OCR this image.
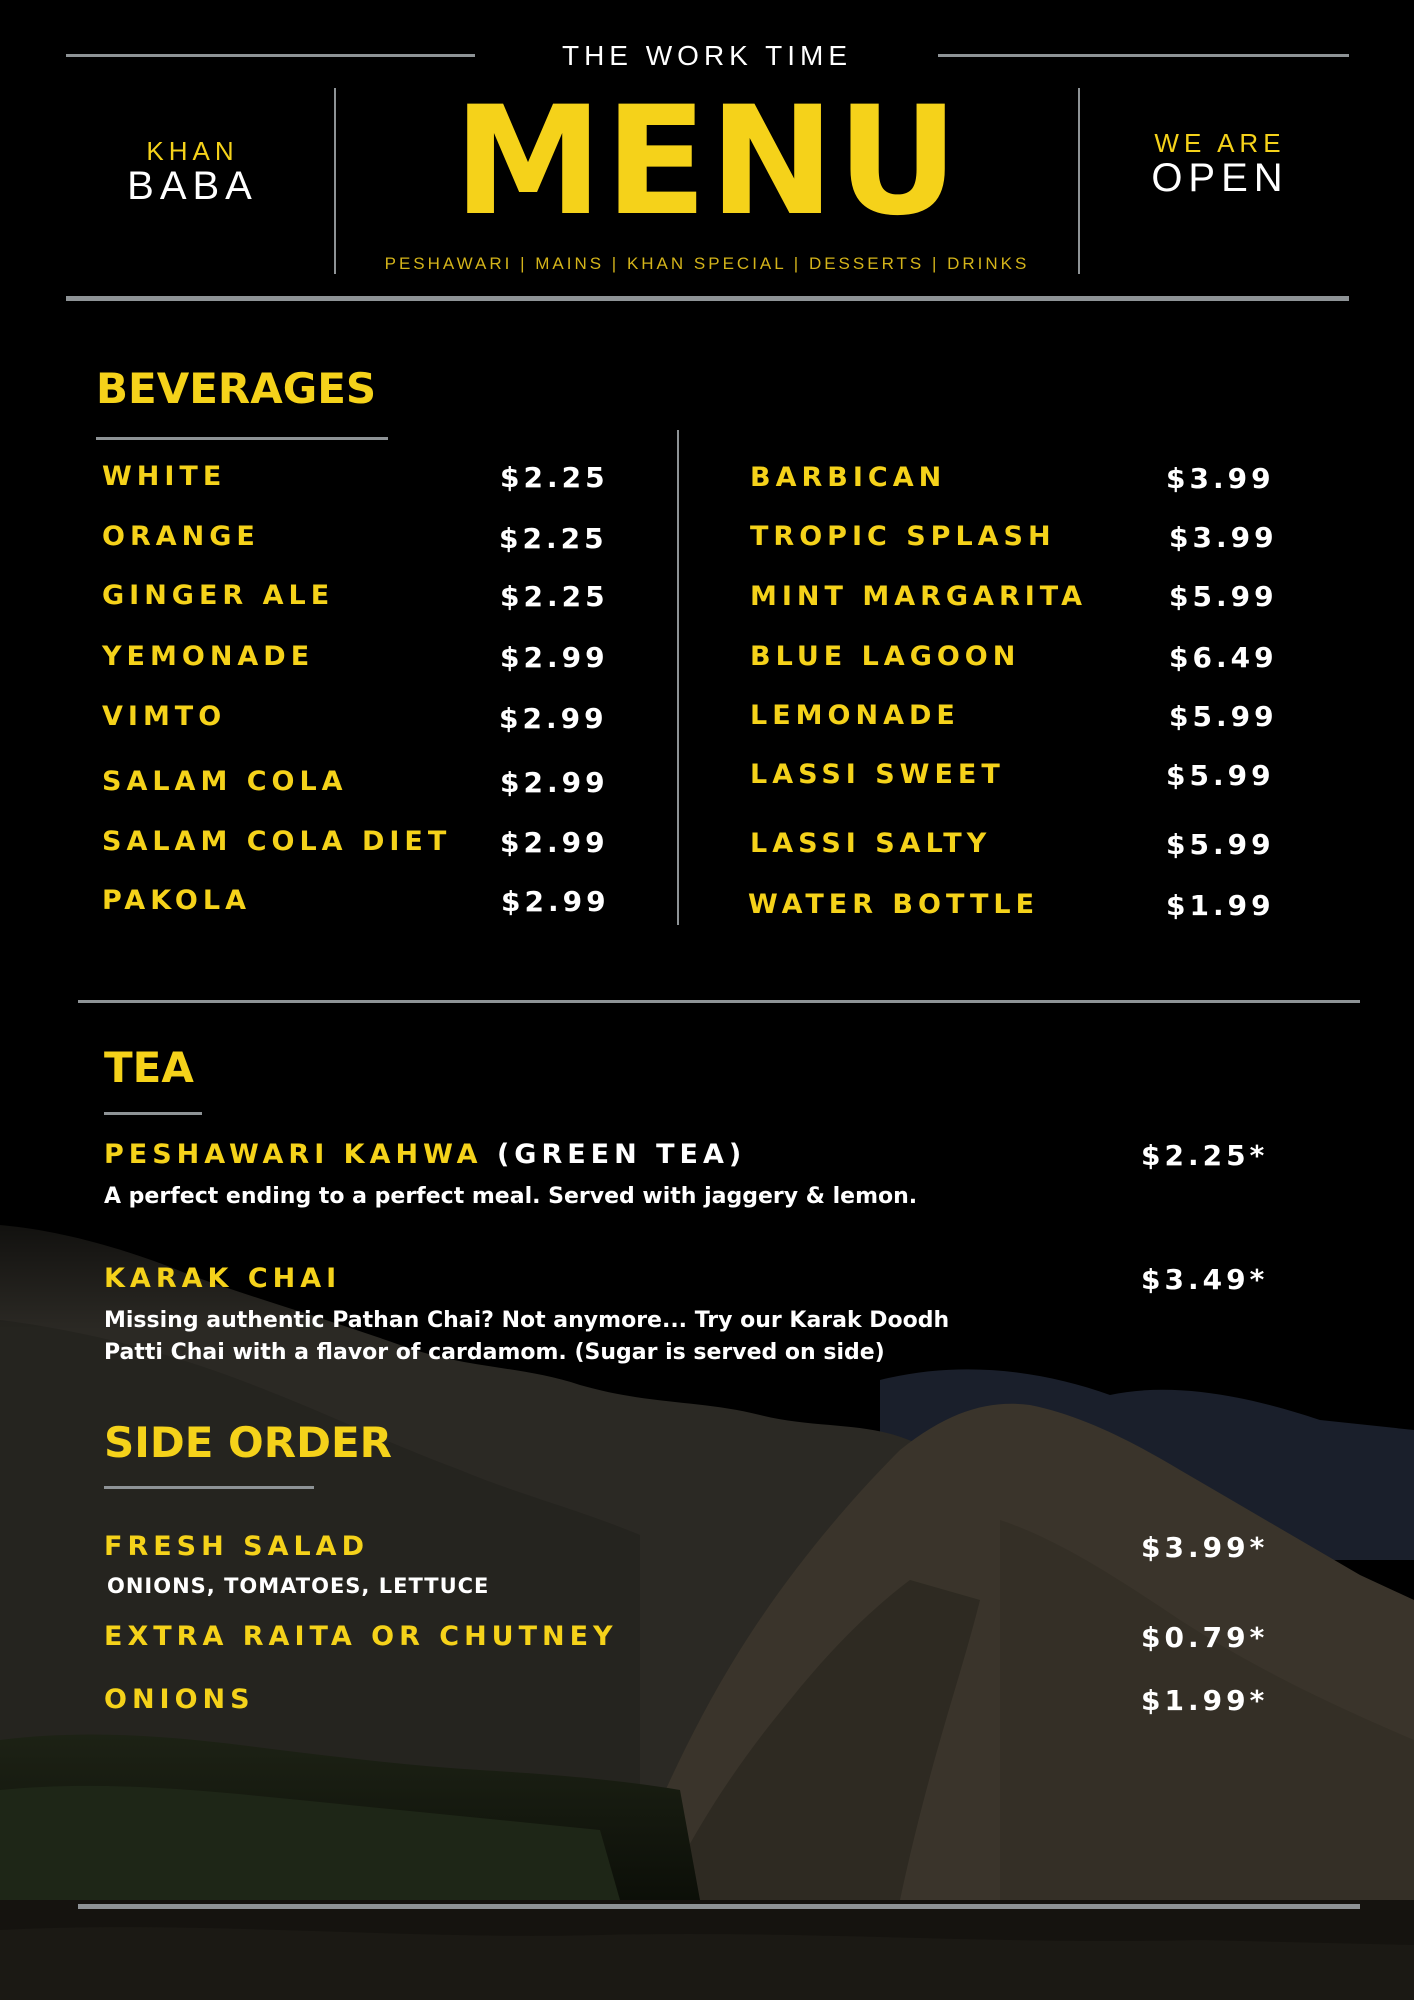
THE WORK TIME
KHAN
BABA	MENU
PESHAWARI | MAINS | KHAN SPECIAL | DESSERTS | DRINKS
WE ARE
OPEN
BEVERAGES
WHITE	$2.25
ORANGE	$2.25
GINGER ALE	$2.25
YEMONADE	$2.99
VIMTO	$2.99
SALAM COLA	$2.99
SALAM COLA DIET $2.99
PAKOLA	$2.99
BARBICAN	$3.99
TROPIC SPLASH	$3.99
MINT MARGARITA	$5.99
BLUE LAGOON	$6.49
LEMONADE	$5.99
LASSI SWEET	$5.99
LASSI SALTY	$5.99
WATER BOTTLE	$1.99
TEA
PESHAWARI KAHWA (GREEN TEA)	$2.25*
A perfect ending to a perfect meal. Served with jaggery & lemon.
KARAK CHAI	$3.49*
Missing authentic Pathan Chai? Not anymore... Try our Karak Doodh
Patti Chai with a flavor of cardamom. (Sugar is served on side)
SIDE ORDER
FRESH SALAD	$3.99*
ONIONS, TOMATOES, LETTUCE
EXTRA RAITA OR CHUTNEY	$0.79*
ONIONS	$1.99*
